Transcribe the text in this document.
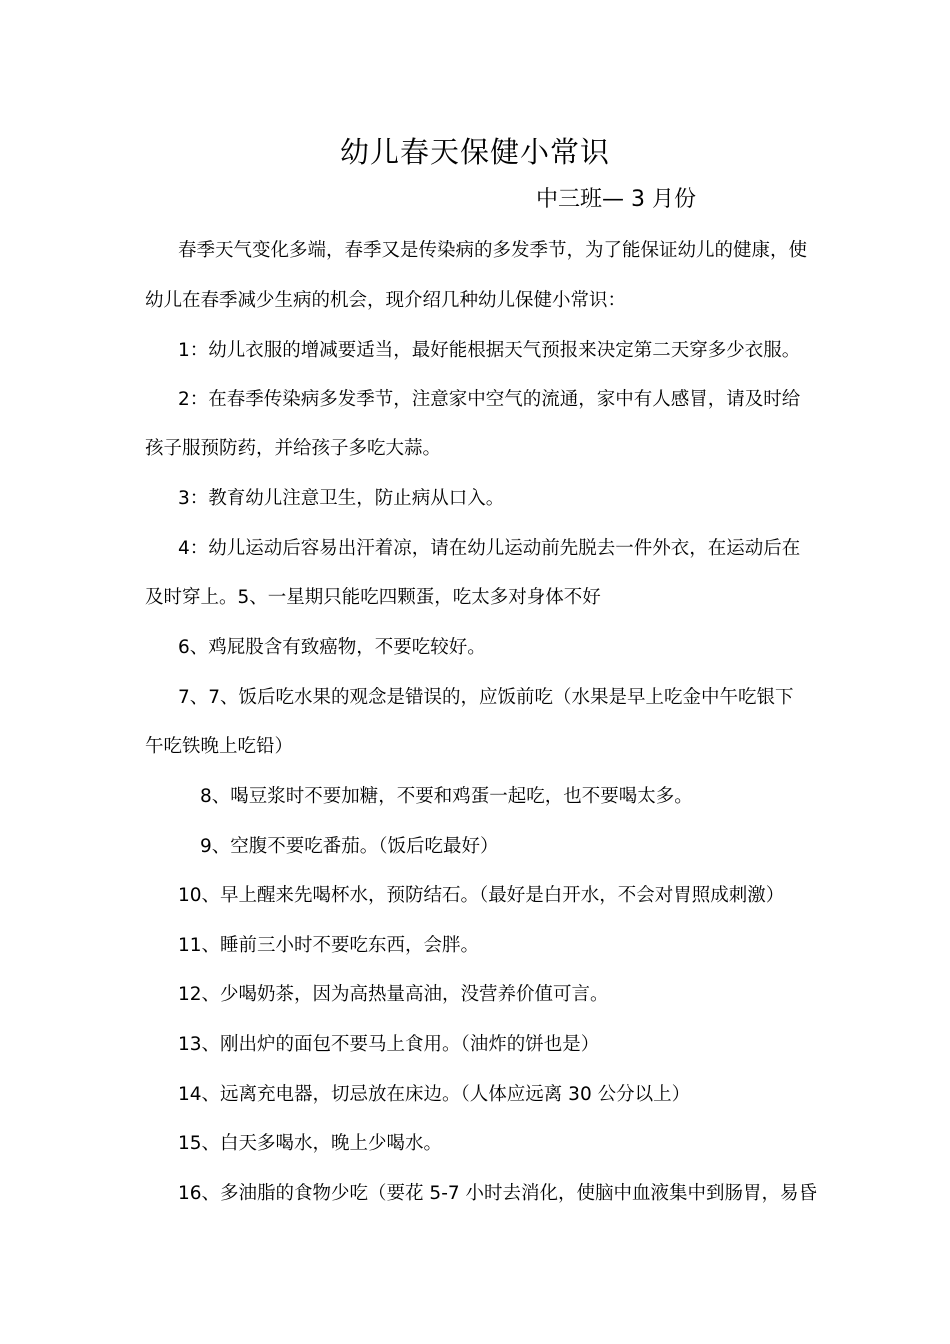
幼儿春天保健小常识
中三班— 3 月份

春季天气变化多端，春季又是传染病的多发季节，为了能保证幼儿的健康，使

幼儿在春季减少生病的机会，现介绍几种幼儿保健小常识：

1：幼儿衣服的增减要适当，最好能根据天气预报来决定第二天穿多少衣服。

2：在春季传染病多发季节，注意家中空气的流通，家中有人感冒，请及时给

孩子服预防药，并给孩子多吃大蒜。

3：教育幼儿注意卫生，防止病从口入。

4：幼儿运动后容易出汗着凉，请在幼儿运动前先脱去一件外衣，在运动后在

及时穿上。5、一星期只能吃四颗蛋，吃太多对身体不好

6、鸡屁股含有致癌物，不要吃较好。

7、7、饭后吃水果的观念是错误的，应饭前吃（水果是早上吃金中午吃银下

午吃铁晚上吃铅）

8、喝豆浆时不要加糖，不要和鸡蛋一起吃，也不要喝太多。

9、空腹不要吃番茄。（饭后吃最好）

10、早上醒来先喝杯水，预防结石。（最好是白开水，不会对胃照成刺激）

11、睡前三小时不要吃东西，会胖。

12、少喝奶茶，因为高热量高油，没营养价值可言。

13、刚出炉的面包不要马上食用。（油炸的饼也是）

14、远离充电器，切忌放在床边。（人体应远离 30 公分以上）

15、白天多喝水，晚上少喝水。

16、多油脂的食物少吃（要花 5-7 小时去消化，使脑中血液集中到肠胃，易昏
